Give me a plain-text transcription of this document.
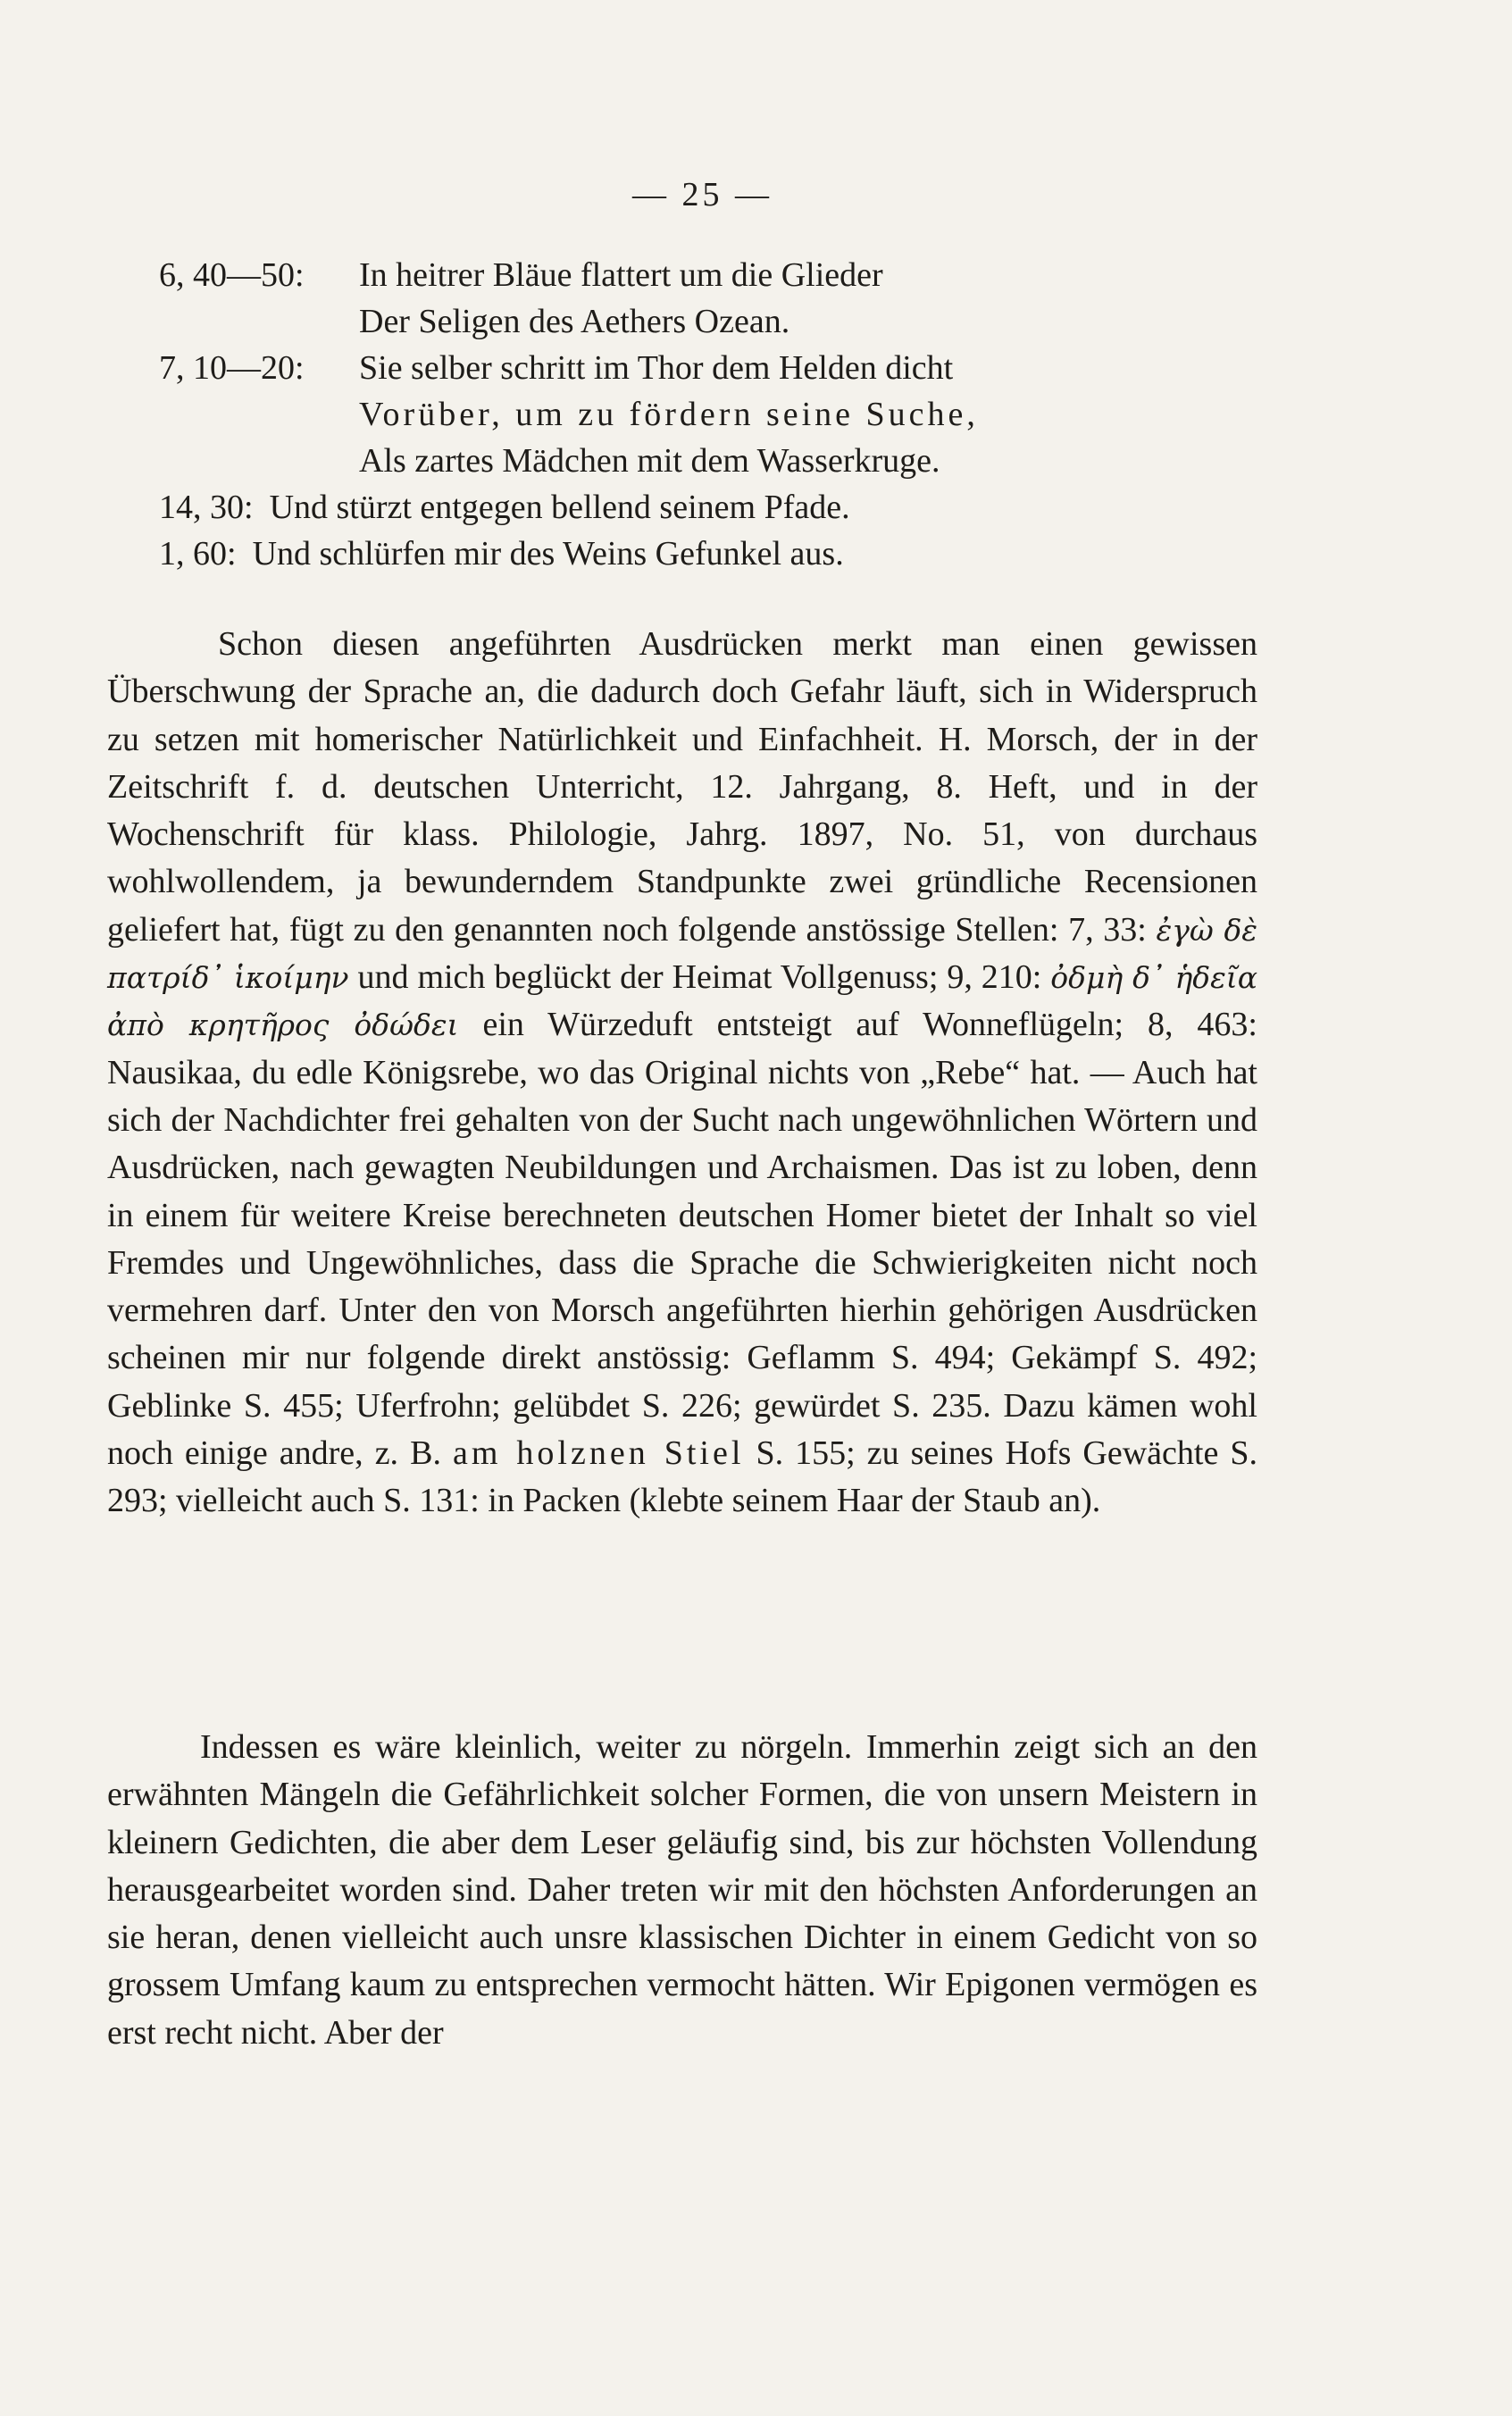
— 25 —
6, 40—50:	In heitrer Bläue flattert um die Glieder
Der Seligen des Aethers Ozean.
7, 10—20:	Sie selber schritt im Thor dem Helden dicht
Vorüber, um zu fördern seine Suche,
Als zartes Mädchen mit dem Wasserkruge.
14, 30: Und stürzt entgegen bellend seinem Pfade.
1, 60: Und schlürfen mir des Weins Gefunkel aus.

Schon diesen angeführten Ausdrücken merkt man einen gewissen Überschwung der Sprache an, die dadurch doch Gefahr läuft, sich in Widerspruch zu setzen mit homerischer Natürlichkeit und Einfachheit. H. Morsch, der in der Zeitschrift f. d. deutschen Unterricht, 12. Jahrgang, 8. Heft, und in der Wochenschrift für klass. Philologie, Jahrg. 1897, No. 51, von durchaus wohlwollendem, ja bewunderndem Standpunkte zwei gründliche Recensionen geliefert hat, fügt zu den genannten noch folgende anstössige Stellen: 7, 33: ἐγὼ δὲ πατρίδ᾽ ἱκοίμην und mich beglückt der Heimat Vollgenuss; 9, 210: ὀδμὴ δ᾽ ἡδεῖα ἀπὸ κρητῆρος ὀδώδει ein Würzeduft entsteigt auf Wonneflügeln; 8, 463: Nausikaa, du edle Königsrebe, wo das Original nichts von „Rebe“ hat. — Auch hat sich der Nachdichter frei gehalten von der Sucht nach ungewöhnlichen Wörtern und Ausdrücken, nach gewagten Neubildungen und Archaismen. Das ist zu loben, denn in einem für weitere Kreise berechneten deutschen Homer bietet der Inhalt so viel Fremdes und Ungewöhnliches, dass die Sprache die Schwierigkeiten nicht noch vermehren darf. Unter den von Morsch angeführten hierhin gehörigen Ausdrücken scheinen mir nur folgende direkt anstössig: Geflamm S. 494; Gekämpf S. 492; Geblinke S. 455; Uferfrohn; gelübdet S. 226; gewürdet S. 235. Dazu kämen wohl noch einige andre, z. B. am holznen Stiel S. 155; zu seines Hofs Gewächte S. 293; vielleicht auch S. 131: in Packen (klebte seinem Haar der Staub an).

Indessen es wäre kleinlich, weiter zu nörgeln. Immerhin zeigt sich an den erwähnten Mängeln die Gefährlichkeit solcher Formen, die von unsern Meistern in kleinern Gedichten, die aber dem Leser geläufig sind, bis zur höchsten Vollendung herausgearbeitet worden sind. Daher treten wir mit den höchsten Anforderungen an sie heran, denen vielleicht auch unsre klassischen Dichter in einem Gedicht von so grossem Umfang kaum zu entsprechen vermocht hätten. Wir Epigonen vermögen es erst recht nicht. Aber der
